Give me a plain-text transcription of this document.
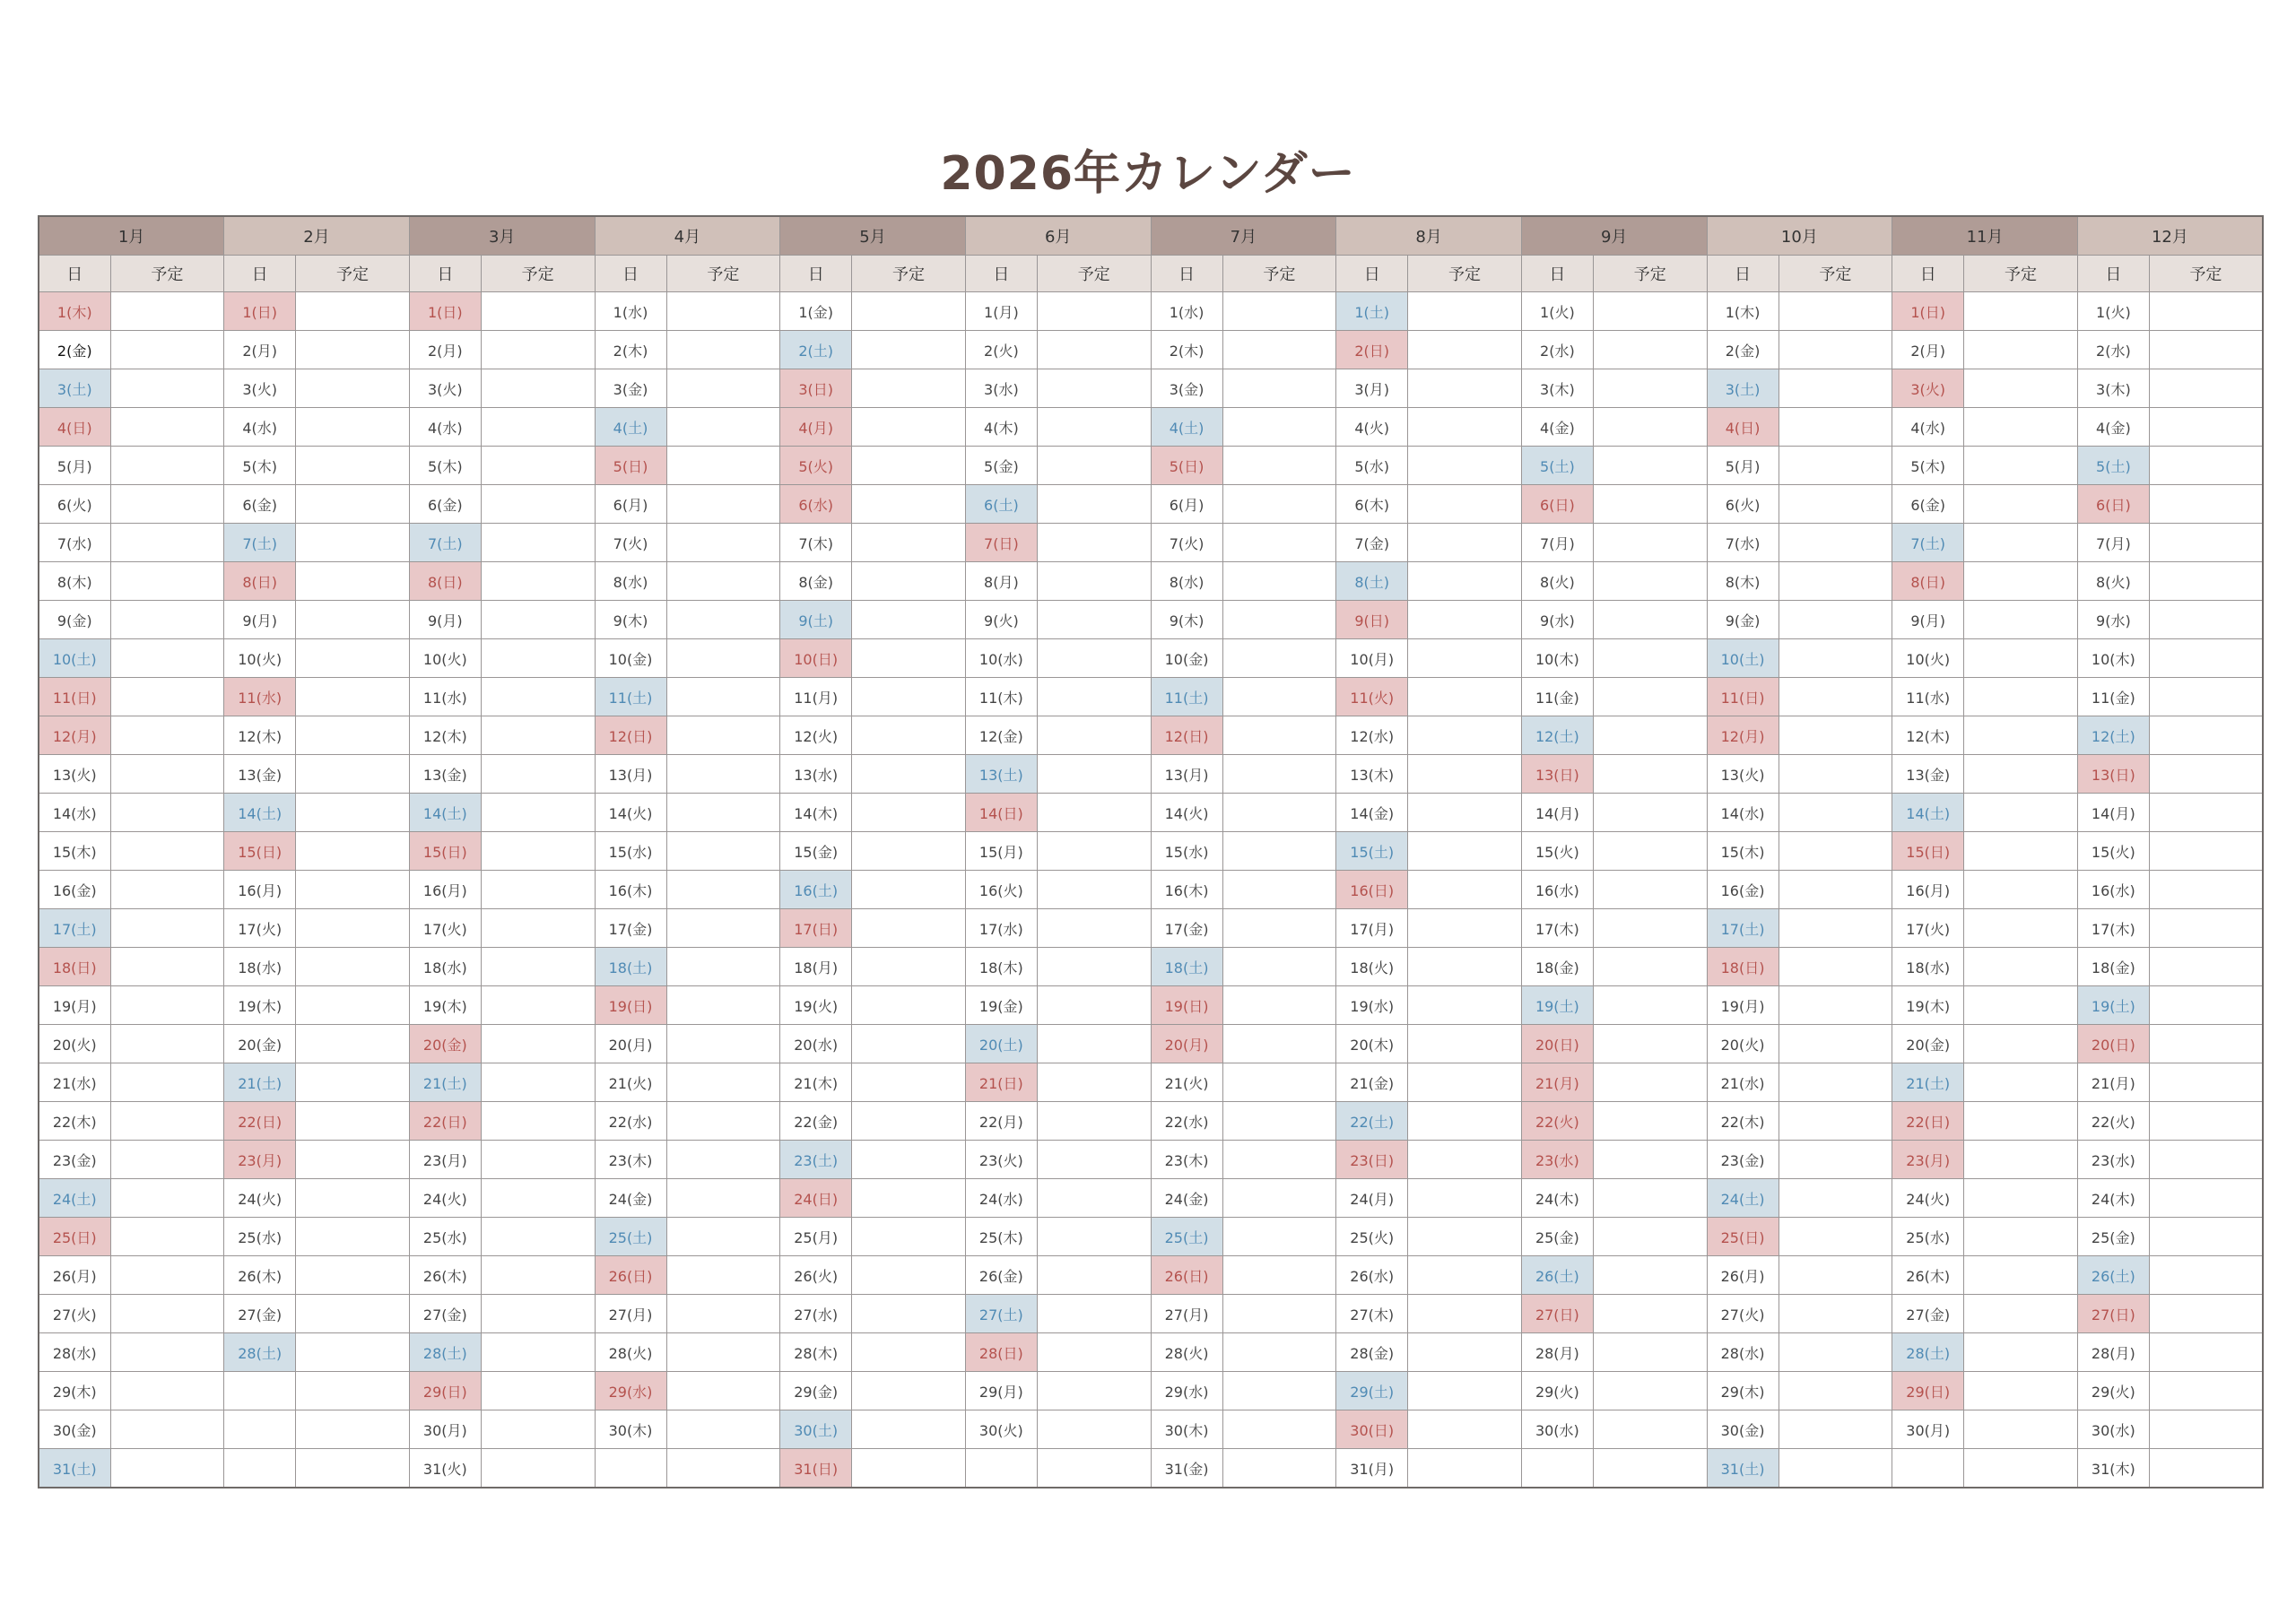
2026年カレンダー
1月		2月		3月		4月		5月		6月		7月		8月		9月		10月		11月		12月	
日	予定	日	予定	日	予定	日	予定	日	予定	日	予定	日	予定	日	予定	日	予定	日	予定	日	予定	日	予定
1(木)		1(日)		1(日)		1(水)		1(金)		1(月)		1(水)		1(土)		1(火)		1(木)		1(日)		1(火)	
2(金)		2(月)		2(月)		2(木)		2(土)		2(火)		2(木)		2(日)		2(水)		2(金)		2(月)		2(水)	
3(土)		3(火)		3(火)		3(金)		3(日)		3(水)		3(金)		3(月)		3(木)		3(土)		3(火)		3(木)	
4(日)		4(水)		4(水)		4(土)		4(月)		4(木)		4(土)		4(火)		4(金)		4(日)		4(水)		4(金)	
5(月)		5(木)		5(木)		5(日)		5(火)		5(金)		5(日)		5(水)		5(土)		5(月)		5(木)		5(土)	
6(火)		6(金)		6(金)		6(月)		6(水)		6(土)		6(月)		6(木)		6(日)		6(火)		6(金)		6(日)	
7(水)		7(土)		7(土)		7(火)		7(木)		7(日)		7(火)		7(金)		7(月)		7(水)		7(土)		7(月)	
8(木)		8(日)		8(日)		8(水)		8(金)		8(月)		8(水)		8(土)		8(火)		8(木)		8(日)		8(火)	
9(金)		9(月)		9(月)		9(木)		9(土)		9(火)		9(木)		9(日)		9(水)		9(金)		9(月)		9(水)	
10(土)		10(火)		10(火)		10(金)		10(日)		10(水)		10(金)		10(月)		10(木)		10(土)		10(火)		10(木)	
11(日)		11(水)		11(水)		11(土)		11(月)		11(木)		11(土)		11(火)		11(金)		11(日)		11(水)		11(金)	
12(月)		12(木)		12(木)		12(日)		12(火)		12(金)		12(日)		12(水)		12(土)		12(月)		12(木)		12(土)	
13(火)		13(金)		13(金)		13(月)		13(水)		13(土)		13(月)		13(木)		13(日)		13(火)		13(金)		13(日)	
14(水)		14(土)		14(土)		14(火)		14(木)		14(日)		14(火)		14(金)		14(月)		14(水)		14(土)		14(月)	
15(木)		15(日)		15(日)		15(水)		15(金)		15(月)		15(水)		15(土)		15(火)		15(木)		15(日)		15(火)	
16(金)		16(月)		16(月)		16(木)		16(土)		16(火)		16(木)		16(日)		16(水)		16(金)		16(月)		16(水)	
17(土)		17(火)		17(火)		17(金)		17(日)		17(水)		17(金)		17(月)		17(木)		17(土)		17(火)		17(木)	
18(日)		18(水)		18(水)		18(土)		18(月)		18(木)		18(土)		18(火)		18(金)		18(日)		18(水)		18(金)	
19(月)		19(木)		19(木)		19(日)		19(火)		19(金)		19(日)		19(水)		19(土)		19(月)		19(木)		19(土)	
20(火)		20(金)		20(金)		20(月)		20(水)		20(土)		20(月)		20(木)		20(日)		20(火)		20(金)		20(日)	
21(水)		21(土)		21(土)		21(火)		21(木)		21(日)		21(火)		21(金)		21(月)		21(水)		21(土)		21(月)	
22(木)		22(日)		22(日)		22(水)		22(金)		22(月)		22(水)		22(土)		22(火)		22(木)		22(日)		22(火)	
23(金)		23(月)		23(月)		23(木)		23(土)		23(火)		23(木)		23(日)		23(水)		23(金)		23(月)		23(水)	
24(土)		24(火)		24(火)		24(金)		24(日)		24(水)		24(金)		24(月)		24(木)		24(土)		24(火)		24(木)	
25(日)		25(水)		25(水)		25(土)		25(月)		25(木)		25(土)		25(火)		25(金)		25(日)		25(水)		25(金)	
26(月)		26(木)		26(木)		26(日)		26(火)		26(金)		26(日)		26(水)		26(土)		26(月)		26(木)		26(土)	
27(火)		27(金)		27(金)		27(月)		27(水)		27(土)		27(月)		27(木)		27(日)		27(火)		27(金)		27(日)	
28(水)		28(土)		28(土)		28(火)		28(木)		28(日)		28(火)		28(金)		28(月)		28(水)		28(土)		28(月)	
29(木)				29(日)		29(水)		29(金)		29(月)		29(水)		29(土)		29(火)		29(木)		29(日)		29(火)	
30(金)				30(月)		30(木)		30(土)		30(火)		30(木)		30(日)		30(水)		30(金)		30(月)		30(水)	
31(土)				31(火)				31(日)				31(金)		31(月)				31(土)				31(木)	
